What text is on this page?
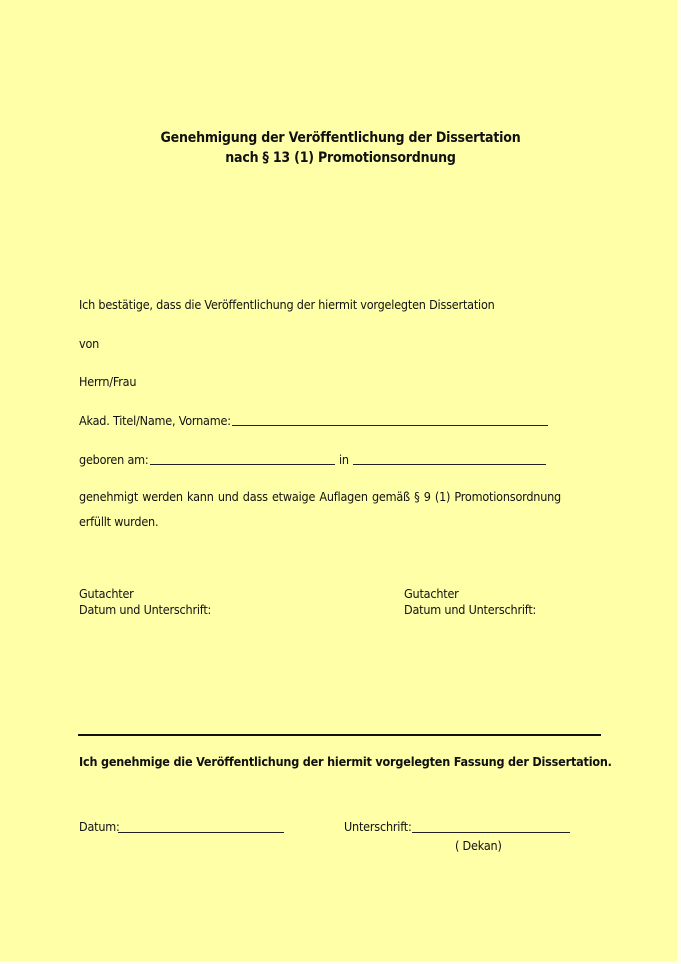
Genehmigung der Veröffentlichung der Dissertation
nach § 13 (1) Promotionsordnung
Ich bestätige, dass die Veröffentlichung der hiermit vorgelegten Dissertation
von
Herrn/Frau
Akad. Titel/Name, Vorname:
geboren am:	in
genehmigt werden kann und dass etwaige Auflagen gemäß § 9 (1) Promotionsordnung
erfüllt wurden.
Gutachter
Datum und Unterschrift:
Gutachter
Datum und Unterschrift:
Ich genehmige die Veröffentlichung der hiermit vorgelegten Fassung der Dissertation.
Datum:	Unterschrift:
( Dekan)
